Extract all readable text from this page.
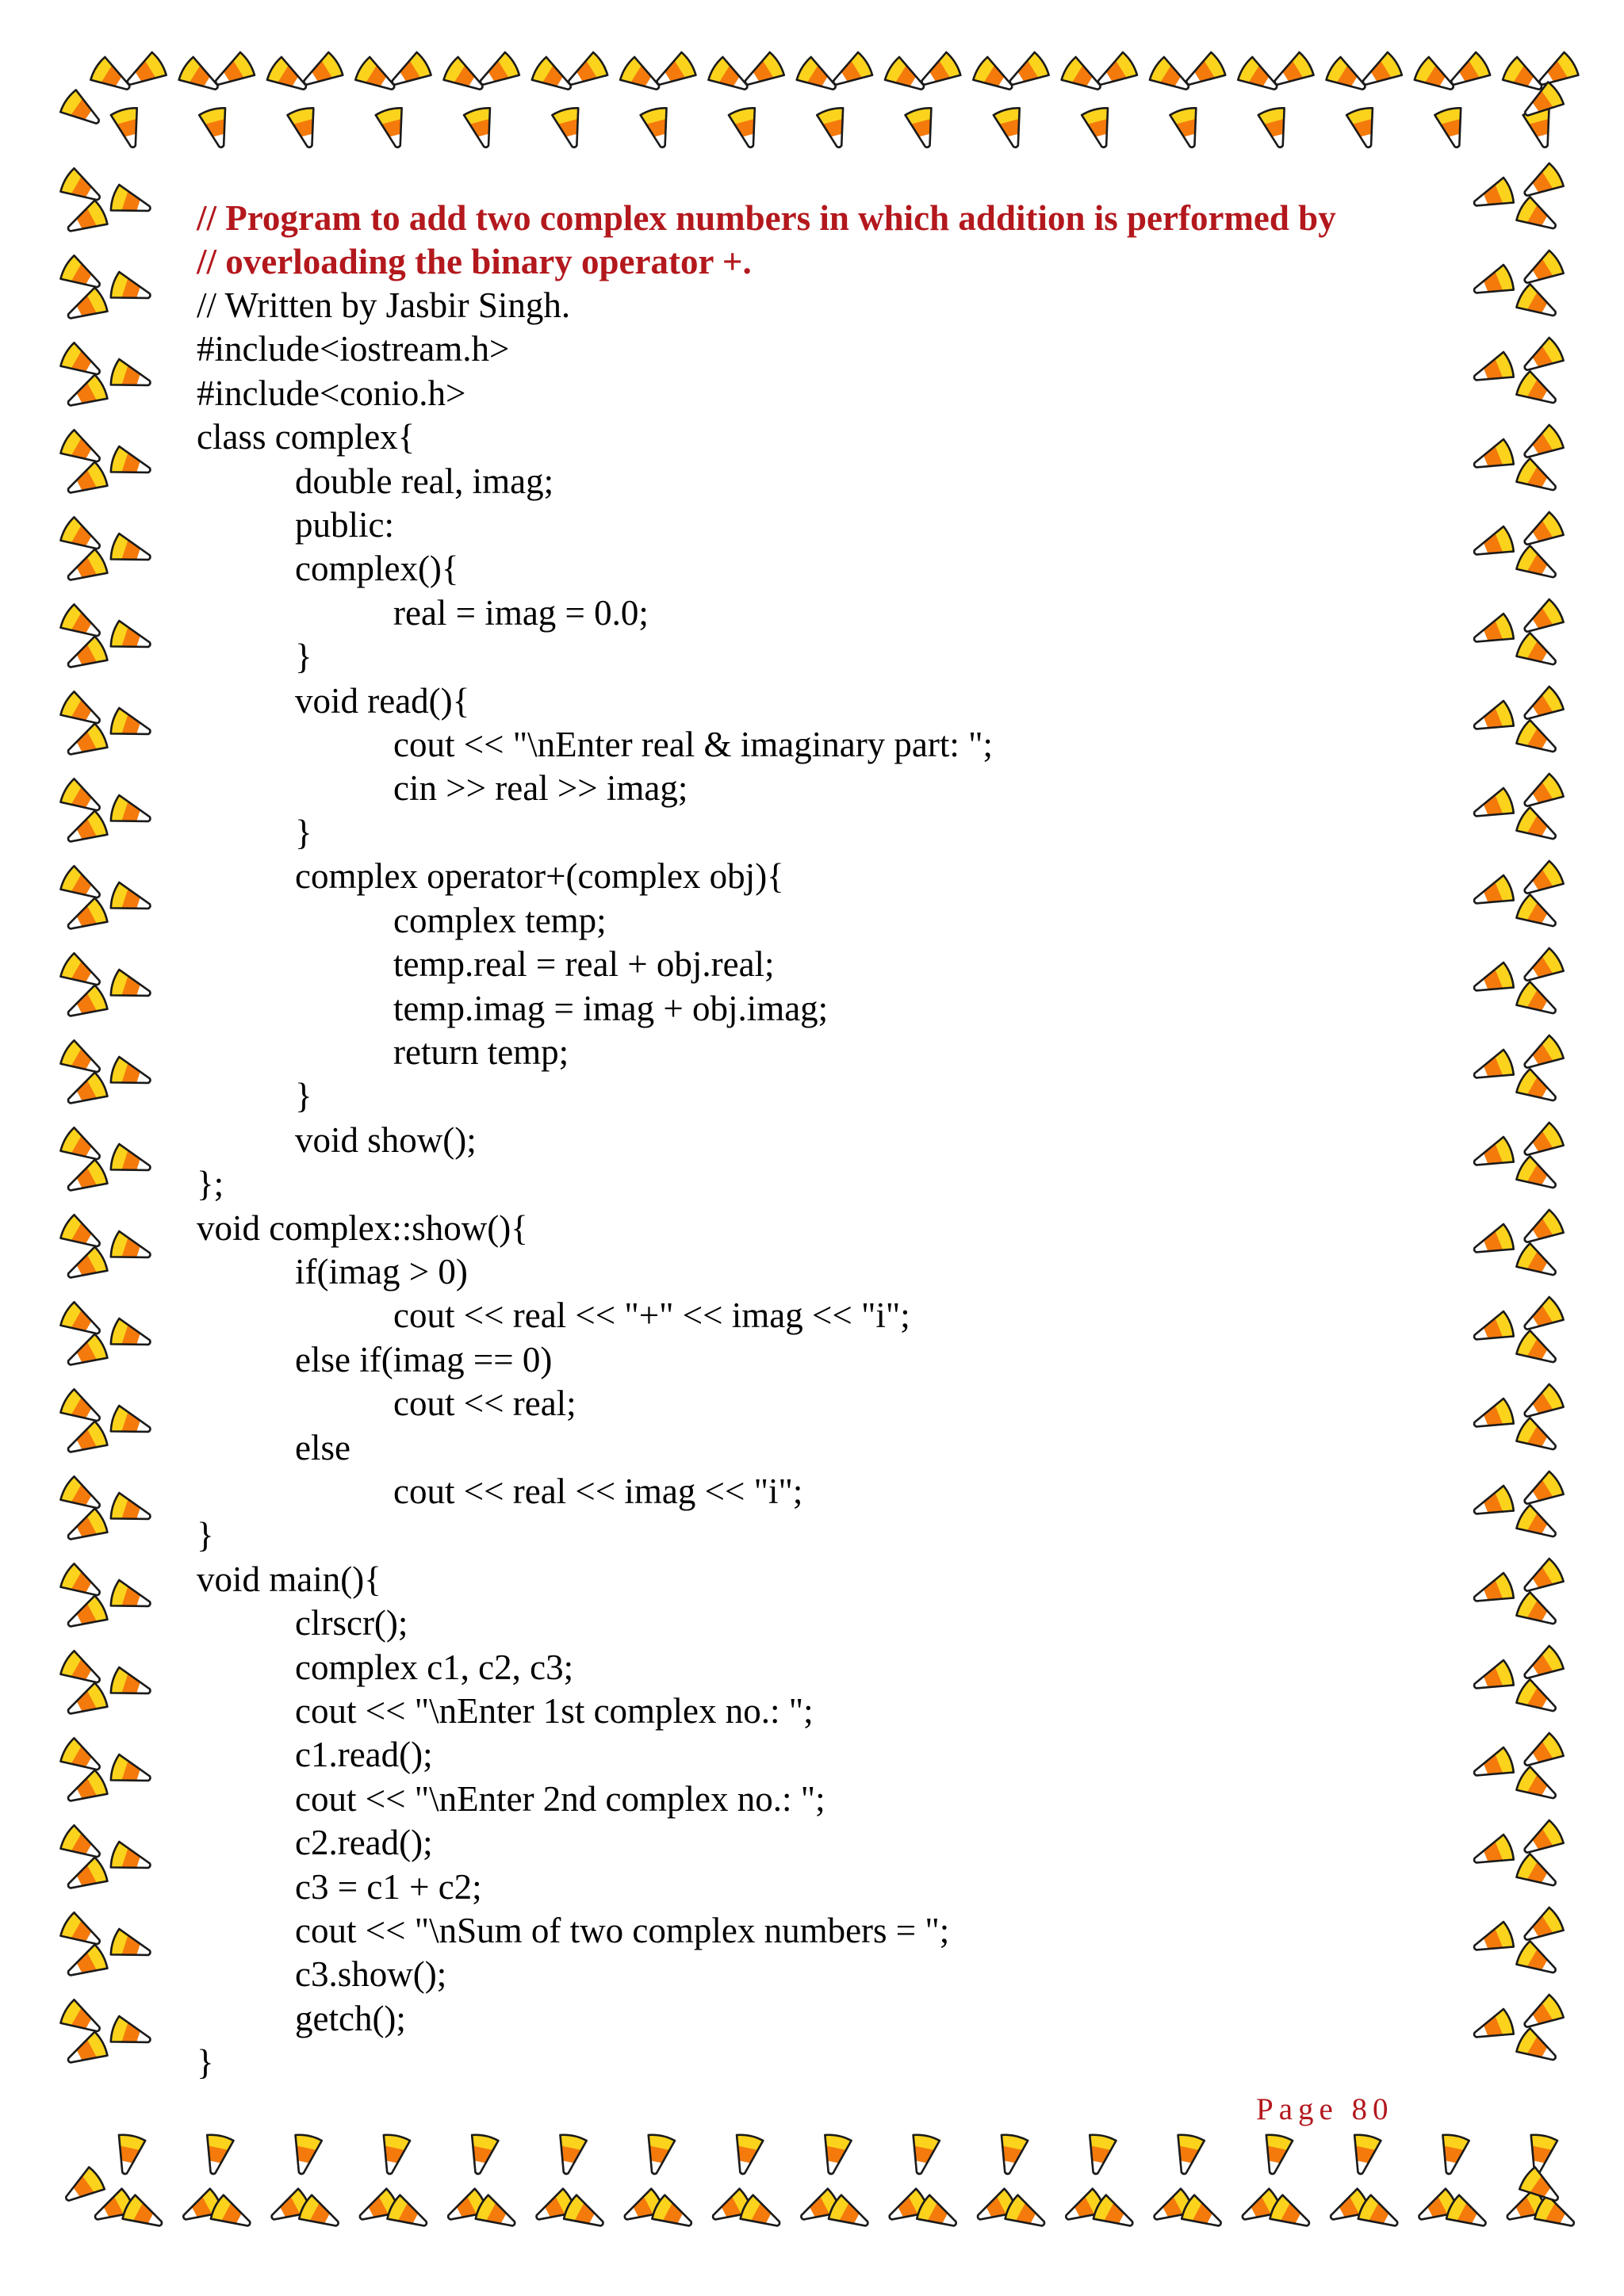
// Program to add two complex numbers in which addition is performed by
// overloading the binary operator +.
// Written by Jasbir Singh.
#include<iostream.h>
#include<conio.h>
class complex{
double real, imag;
public:
complex(){
real = imag = 0.0;
}
void read(){
cout << "\nEnter real & imaginary part: ";
cin >> real >> imag;
}
complex operator+(complex obj){
complex temp;
temp.real = real + obj.real;
temp.imag = imag + obj.imag;
return temp;
}
void show();
};
void complex::show(){
if(imag > 0)
cout << real << "+" << imag << "i";
else if(imag == 0)
cout << real;
else
cout << real << imag << "i";
}
void main(){
clrscr();
complex c1, c2, c3;
cout << "\nEnter 1st complex no.: ";
c1.read();
cout << "\nEnter 2nd complex no.: ";
c2.read();
c3 = c1 + c2;
cout << "\nSum of two complex numbers = ";
c3.show();
getch();
}
Page 80
